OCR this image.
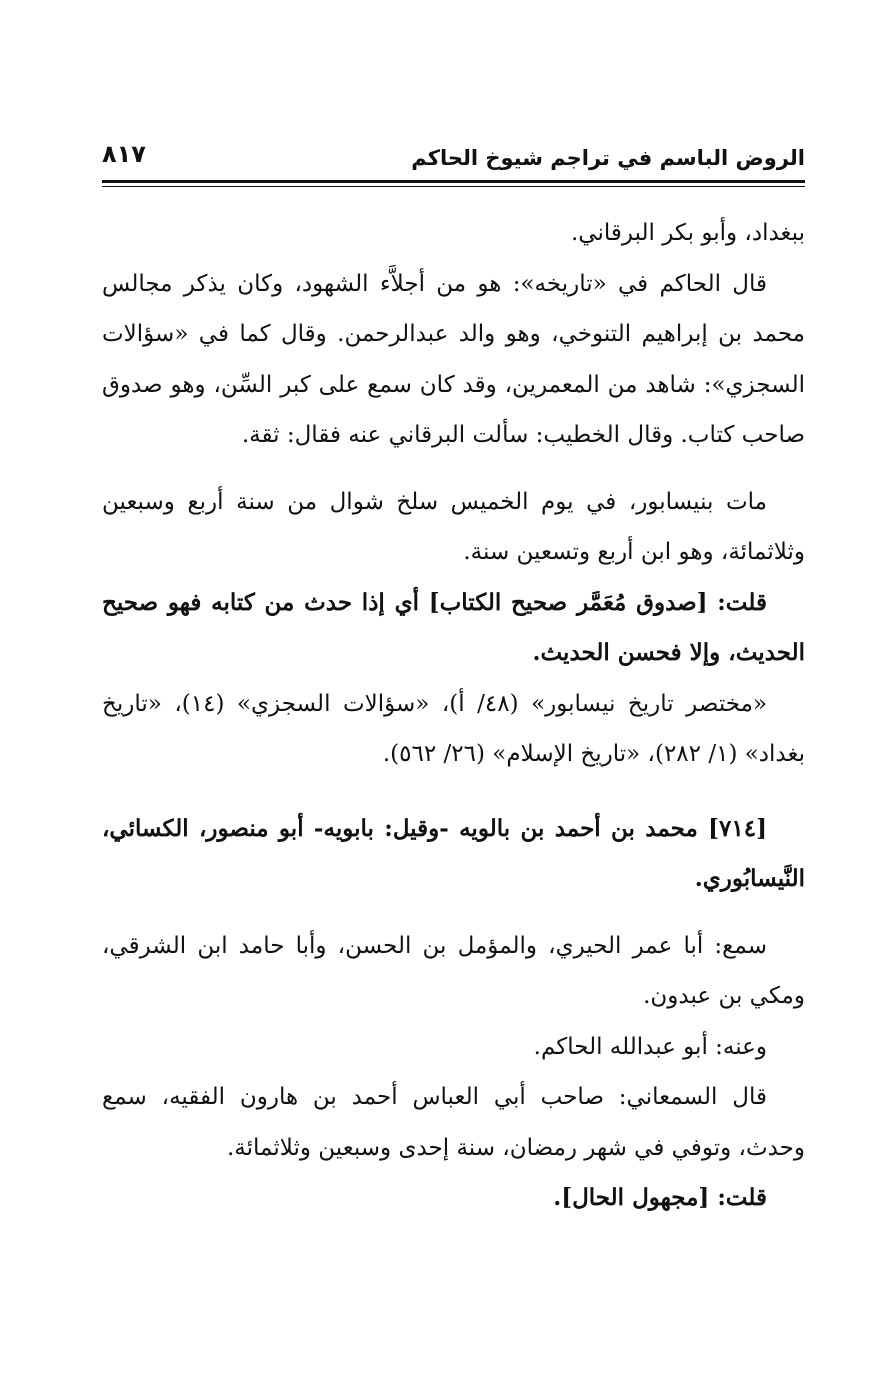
الروض الباسم في تراجم شيوخ الحاكم
٨١٧

ببغداد، وأبو بكر البرقاني.

قال الحاكم في «تاريخه»: هو من أجلاَّء الشهود، وكان يذكر مجالس محمد بن إبراهيم التنوخي، وهو والد عبدالرحمن. وقال كما في «سؤالات السجزي»: شاهد من المعمرين، وقد كان سمع على كبر السِّن، وهو صدوق صاحب كتاب. وقال الخطيب: سألت البرقاني عنه فقال: ثقة.

مات بنيسابور، في يوم الخميس سلخ شوال من سنة أربع وسبعين وثلاثمائة، وهو ابن أربع وتسعين سنة.

قلت: [صدوق مُعَمَّر صحيح الكتاب] أي إذا حدث من كتابه فهو صحيح الحديث، وإلا فحسن الحديث.

«مختصر تاريخ نيسابور» (٤٨/ أ)، «سؤالات السجزي» (١٤)، «تاريخ بغداد» (١/ ٢٨٢)، «تاريخ الإسلام» (٢٦/ ٥٦٢).

[٧١٤] محمد بن أحمد بن بالويه -وقيل: بابويه- أبو منصور، الكسائي، النَّيسابُوري.

سمع: أبا عمر الحيري، والمؤمل بن الحسن، وأبا حامد ابن الشرقي، ومكي بن عبدون.

وعنه: أبو عبدالله الحاكم.

قال السمعاني: صاحب أبي العباس أحمد بن هارون الفقيه، سمع وحدث، وتوفي في شهر رمضان، سنة إحدى وسبعين وثلاثمائة.

قلت: [مجهول الحال].
